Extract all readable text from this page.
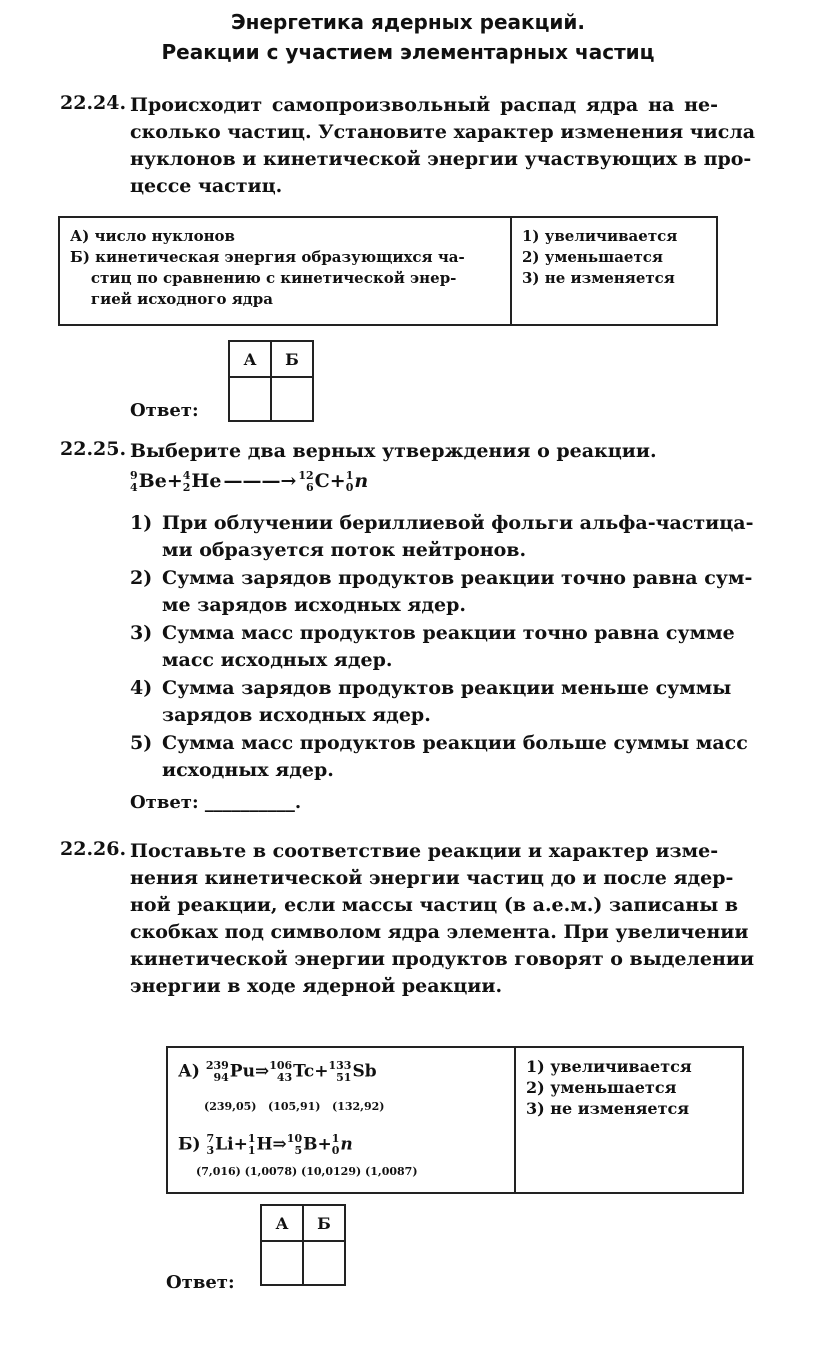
Энергетика ядерных реакций.
Реакции с участием элементарных частиц
22.24. Происходит самопроизвольный распад ядра на не-
сколько частиц. Установите характер изменения числа
нуклонов и кинетической энергии участвующих в про-
цессе частиц.
А) число нуклонов
Б) кинетическая энергия образующихся ча-
стиц по сравнению с кинетической энер-
гией исходного ядра

1) увеличивается
2) уменьшается
3) не изменяется
А	Б

Ответ:
22.25. Выберите два верных утверждения о реакции.
9
4 Be+ 4
2 He ———→ 12
6 C+ 1
0 n
1) При облучении бериллиевой фольги альфа-частица-
ми образуется поток нейтронов.
2) Сумма зарядов продуктов реакции точно равна сум-
ме зарядов исходных ядер.
3) Сумма масс продуктов реакции точно равна сумме
масс исходных ядер.
4) Сумма зарядов продуктов реакции меньше суммы
зарядов исходных ядер.
5) Сумма масс продуктов реакции больше суммы масс
исходных ядер.
Ответ: __________.
22.26. Поставьте в соответствие реакции и характер изме-
нения кинетической энергии частиц до и после ядер-
ной реакции, если массы частиц (в а.е.м.) записаны в
скобках под символом ядра элемента. При увеличении
кинетической энергии продуктов говорят о выделении
энергии в ходе ядерной реакции.
А) 239
94 Pu⇒ 106
43 Tc+ 133
51 Sb
(239,05)   (105,91)   (132,92)
Б) 7
3 Li+ 1
1 H⇒ 10
5 B+ 1
0 n
(7,016) (1,0078) (10,0129) (1,0087)

1) увеличивается
2) уменьшается
3) не изменяется
А	Б

Ответ:
